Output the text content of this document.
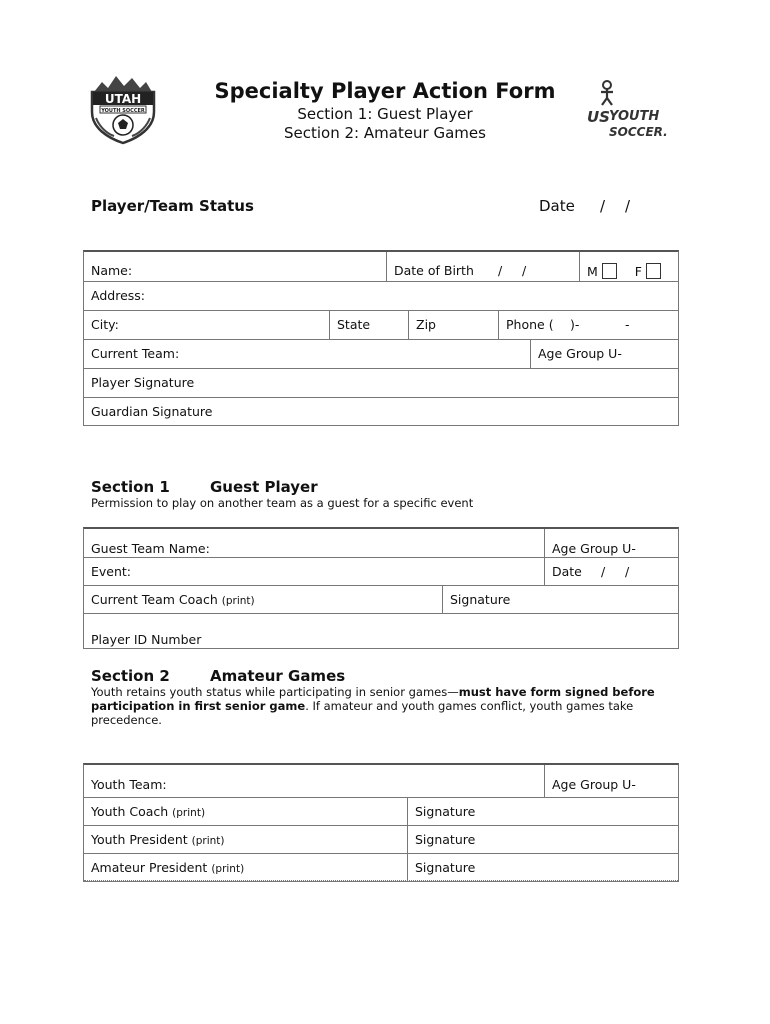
UTAH
YOUTH SOCCER
Specialty Player Action Form
Section 1: Guest Player
Section 2: Amateur Games
US YOUTH
SOCCER.
Player/Team Status	Date / /
Name:	Date of Birth / /	M	F
Address:
City:	State	Zip	Phone ( )-	-
Current Team:	Age Group U-
Player Signature
Guardian Signature
Section 1	Guest Player
Permission to play on another team as a guest for a specific event
Guest Team Name:	Age Group U-
Event:	Date / /
Current Team Coach (print)	Signature
Player ID Number
Section 2	Amateur Games
Youth retains youth status while participating in senior games—must have form signed before participation in first senior game. If amateur and youth games conflict, youth games take precedence.
Youth Team:	Age Group U-
Youth Coach (print)	Signature
Youth President (print)	Signature
Amateur President (print)	Signature
